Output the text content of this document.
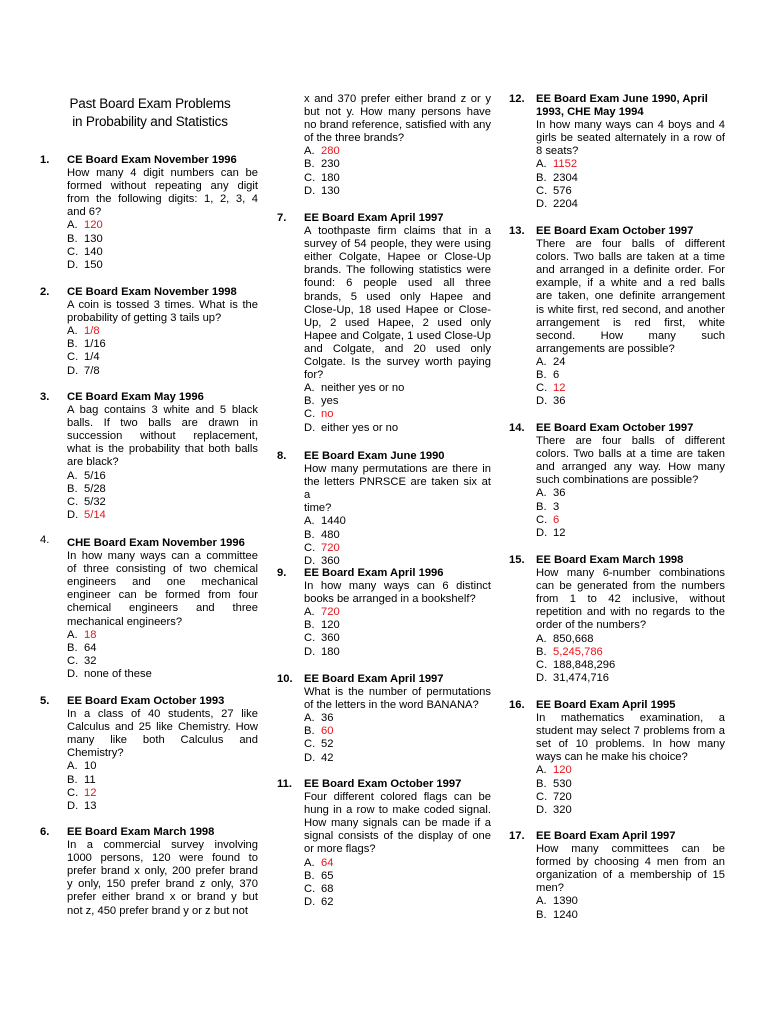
Past Board Exam Problems
in Probability and Statistics
1. CE Board Exam November 1996
How many 4 digit numbers can be
formed without repeating any digit
from the following digits: 1, 2, 3, 4
and 6?
A. 120
B. 130
C. 140
D. 150
2. CE Board Exam November 1998
A coin is tossed 3 times. What is the
probability of getting 3 tails up?
A. 1/8
B. 1/16
C. 1/4
D. 7/8
3. CE Board Exam May 1996
A bag contains 3 white and 5 black
balls. If two balls are drawn in
succession without replacement,
what is the probability that both balls
are black?
A. 5/16
B. 5/28
C. 5/32
D. 5/14
4. CHE Board Exam November 1996
In how many ways can a committee
of three consisting of two chemical
engineers and one mechanical
engineer can be formed from four
chemical engineers and three
mechanical engineers?
A. 18
B. 64
C. 32
D. none of these
5. EE Board Exam October 1993
In a class of 40 students, 27 like
Calculus and 25 like Chemistry. How
many like both Calculus and
Chemistry?
A. 10
B. 11
C. 12
D. 13
6. EE Board Exam March 1998
In a commercial survey involving
1000 persons, 120 were found to
prefer brand x only, 200 prefer brand
y only, 150 prefer brand z only, 370
prefer either brand x or brand y but
not z, 450 prefer brand y or z but not
x and 370 prefer either brand z or y
but not y. How many persons have
no brand reference, satisfied with any
of the three brands?
A. 280
B. 230
C. 180
D. 130
7. EE Board Exam April 1997
A toothpaste firm claims that in a
survey of 54 people, they were using
either Colgate, Hapee or Close-Up
brands. The following statistics were
found: 6 people used all three
brands, 5 used only Hapee and
Close-Up, 18 used Hapee or Close-
Up, 2 used Hapee, 2 used only
Hapee and Colgate, 1 used Close-Up
and Colgate, and 20 used only
Colgate. Is the survey worth paying
for?
A. neither yes or no
B. yes
C. no
D. either yes or no
8. EE Board Exam June 1990
How many permutations are there in
the letters PNRSCE are taken six at a
time?
A. 1440
B. 480
C. 720
D. 360
9. EE Board Exam April 1996
In how many ways can 6 distinct
books be arranged in a bookshelf?
A. 720
B. 120
C. 360
D. 180
10. EE Board Exam April 1997
What is the number of permutations
of the letters in the word BANANA?
A. 36
B. 60
C. 52
D. 42
11. EE Board Exam October 1997
Four different colored flags can be
hung in a row to make coded signal.
How many signals can be made if a
signal consists of the display of one
or more flags?
A. 64
B. 65
C. 68
D. 62
12. EE Board Exam June 1990, April
1993, CHE May 1994
In how many ways can 4 boys and 4
girls be seated alternately in a row of
8 seats?
A. 1152
B. 2304
C. 576
D. 2204
13. EE Board Exam October 1997
There are four balls of different
colors. Two balls are taken at a time
and arranged in a definite order. For
example, if a white and a red balls
are taken, one definite arrangement
is white first, red second, and another
arrangement is red first, white
second. How many such
arrangements are possible?
A. 24
B. 6
C. 12
D. 36
14. EE Board Exam October 1997
There are four balls of different
colors. Two balls at a time are taken
and arranged any way. How many
such combinations are possible?
A. 36
B. 3
C. 6
D. 12
15. EE Board Exam March 1998
How many 6-number combinations
can be generated from the numbers
from 1 to 42 inclusive, without
repetition and with no regards to the
order of the numbers?
A. 850,668
B. 5,245,786
C. 188,848,296
D. 31,474,716
16. EE Board Exam April 1995
In mathematics examination, a
student may select 7 problems from a
set of 10 problems. In how many
ways can he make his choice?
A. 120
B. 530
C. 720
D. 320
17. EE Board Exam April 1997
How many committees can be
formed by choosing 4 men from an
organization of a membership of 15
men?
A. 1390
B. 1240
